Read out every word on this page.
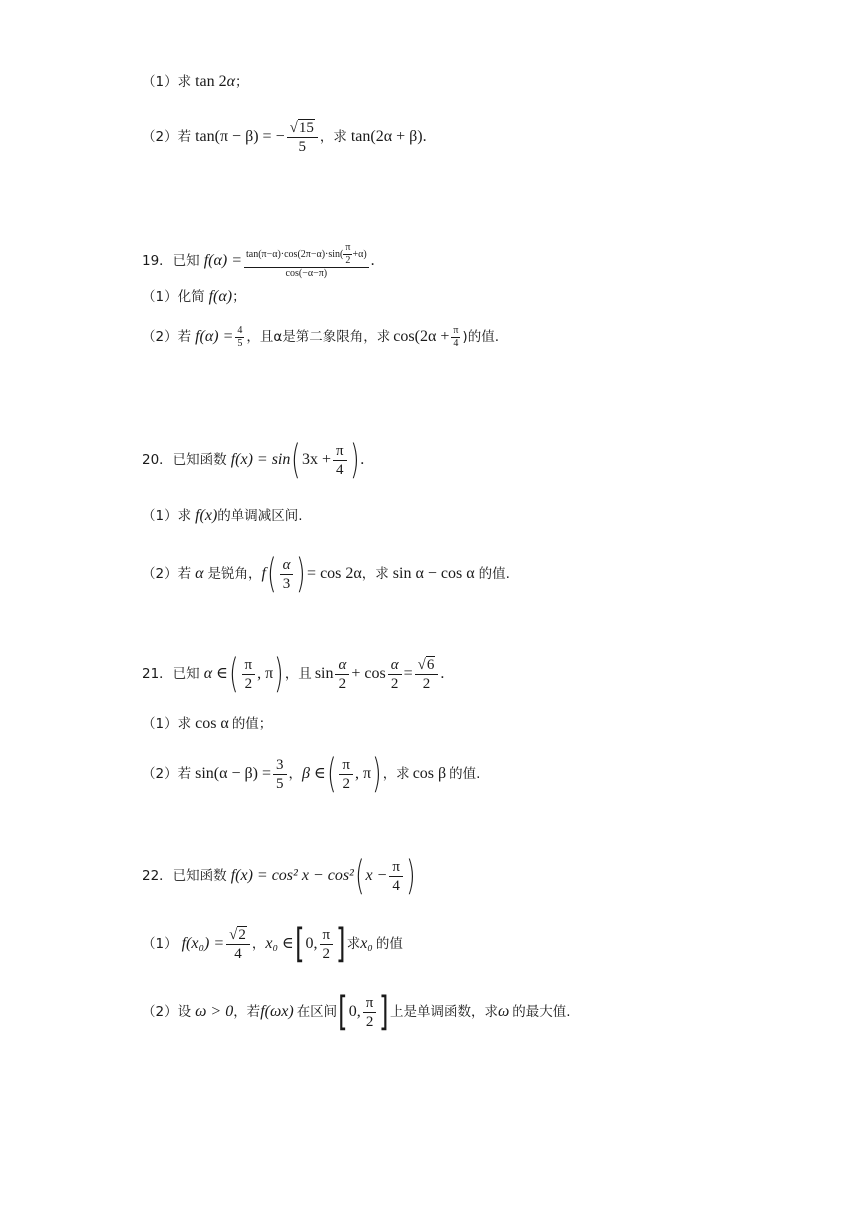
（1）求 tan 2 α ；
（2）若 tan(π − β) = − $\frac{√15}{5}$ ，求 tan(2α + β) .
19．已知 $f(\alpha) = \frac{\tan(\pi-\alpha)\cdot\cos(2\pi-\alpha)\cdot\sin( \frac{\pi}{2} +\alpha)}{\cos(-\alpha-\pi)}$ .
（1）化简 f(α) ；
（2）若 $f(\alpha) = \frac{4}{5}$ ，且α是第二象限角，求 $\cos(2\alpha + \frac{\pi}{4}$ )的值.
20．已知函数 f(x) = sin ( $3x + \frac{\pi}{4}$ ) .
（1）求 f(x) 的单调减区间.
（2）若 α 是锐角， f ( $\frac{\alpha}{3}$ ) = cos 2α ，求 sin α − cos α 的值.
21．已知 α ∈ ( $\frac{\pi}{2}$ , π ) ，且 $\sin \frac{\alpha}{2} + \cos \frac{\alpha}{2} = \frac{√6}{2}$ .
（1）求 cos α 的值；
（2）若 $\sin(\alpha - \beta) = \frac{3}{5}$ ， β ∈ ( $\frac{\pi}{2}$ , π ) ，求 cos β 的值.
22．已知函数 f(x) = cos² x − cos² ( $x - \frac{\pi}{4}$ )
（1） $f(x_0) = \frac{√2}{4}$ ， x₀ ∈ [ 0, $\frac{\pi}{2}$ ] 求 x₀ 的值
（2）设 ω > 0 ，若 f(ωx) 在区间 [ 0, $\frac{\pi}{2}$ ] 上是单调函数，求 ω 的最大值.
